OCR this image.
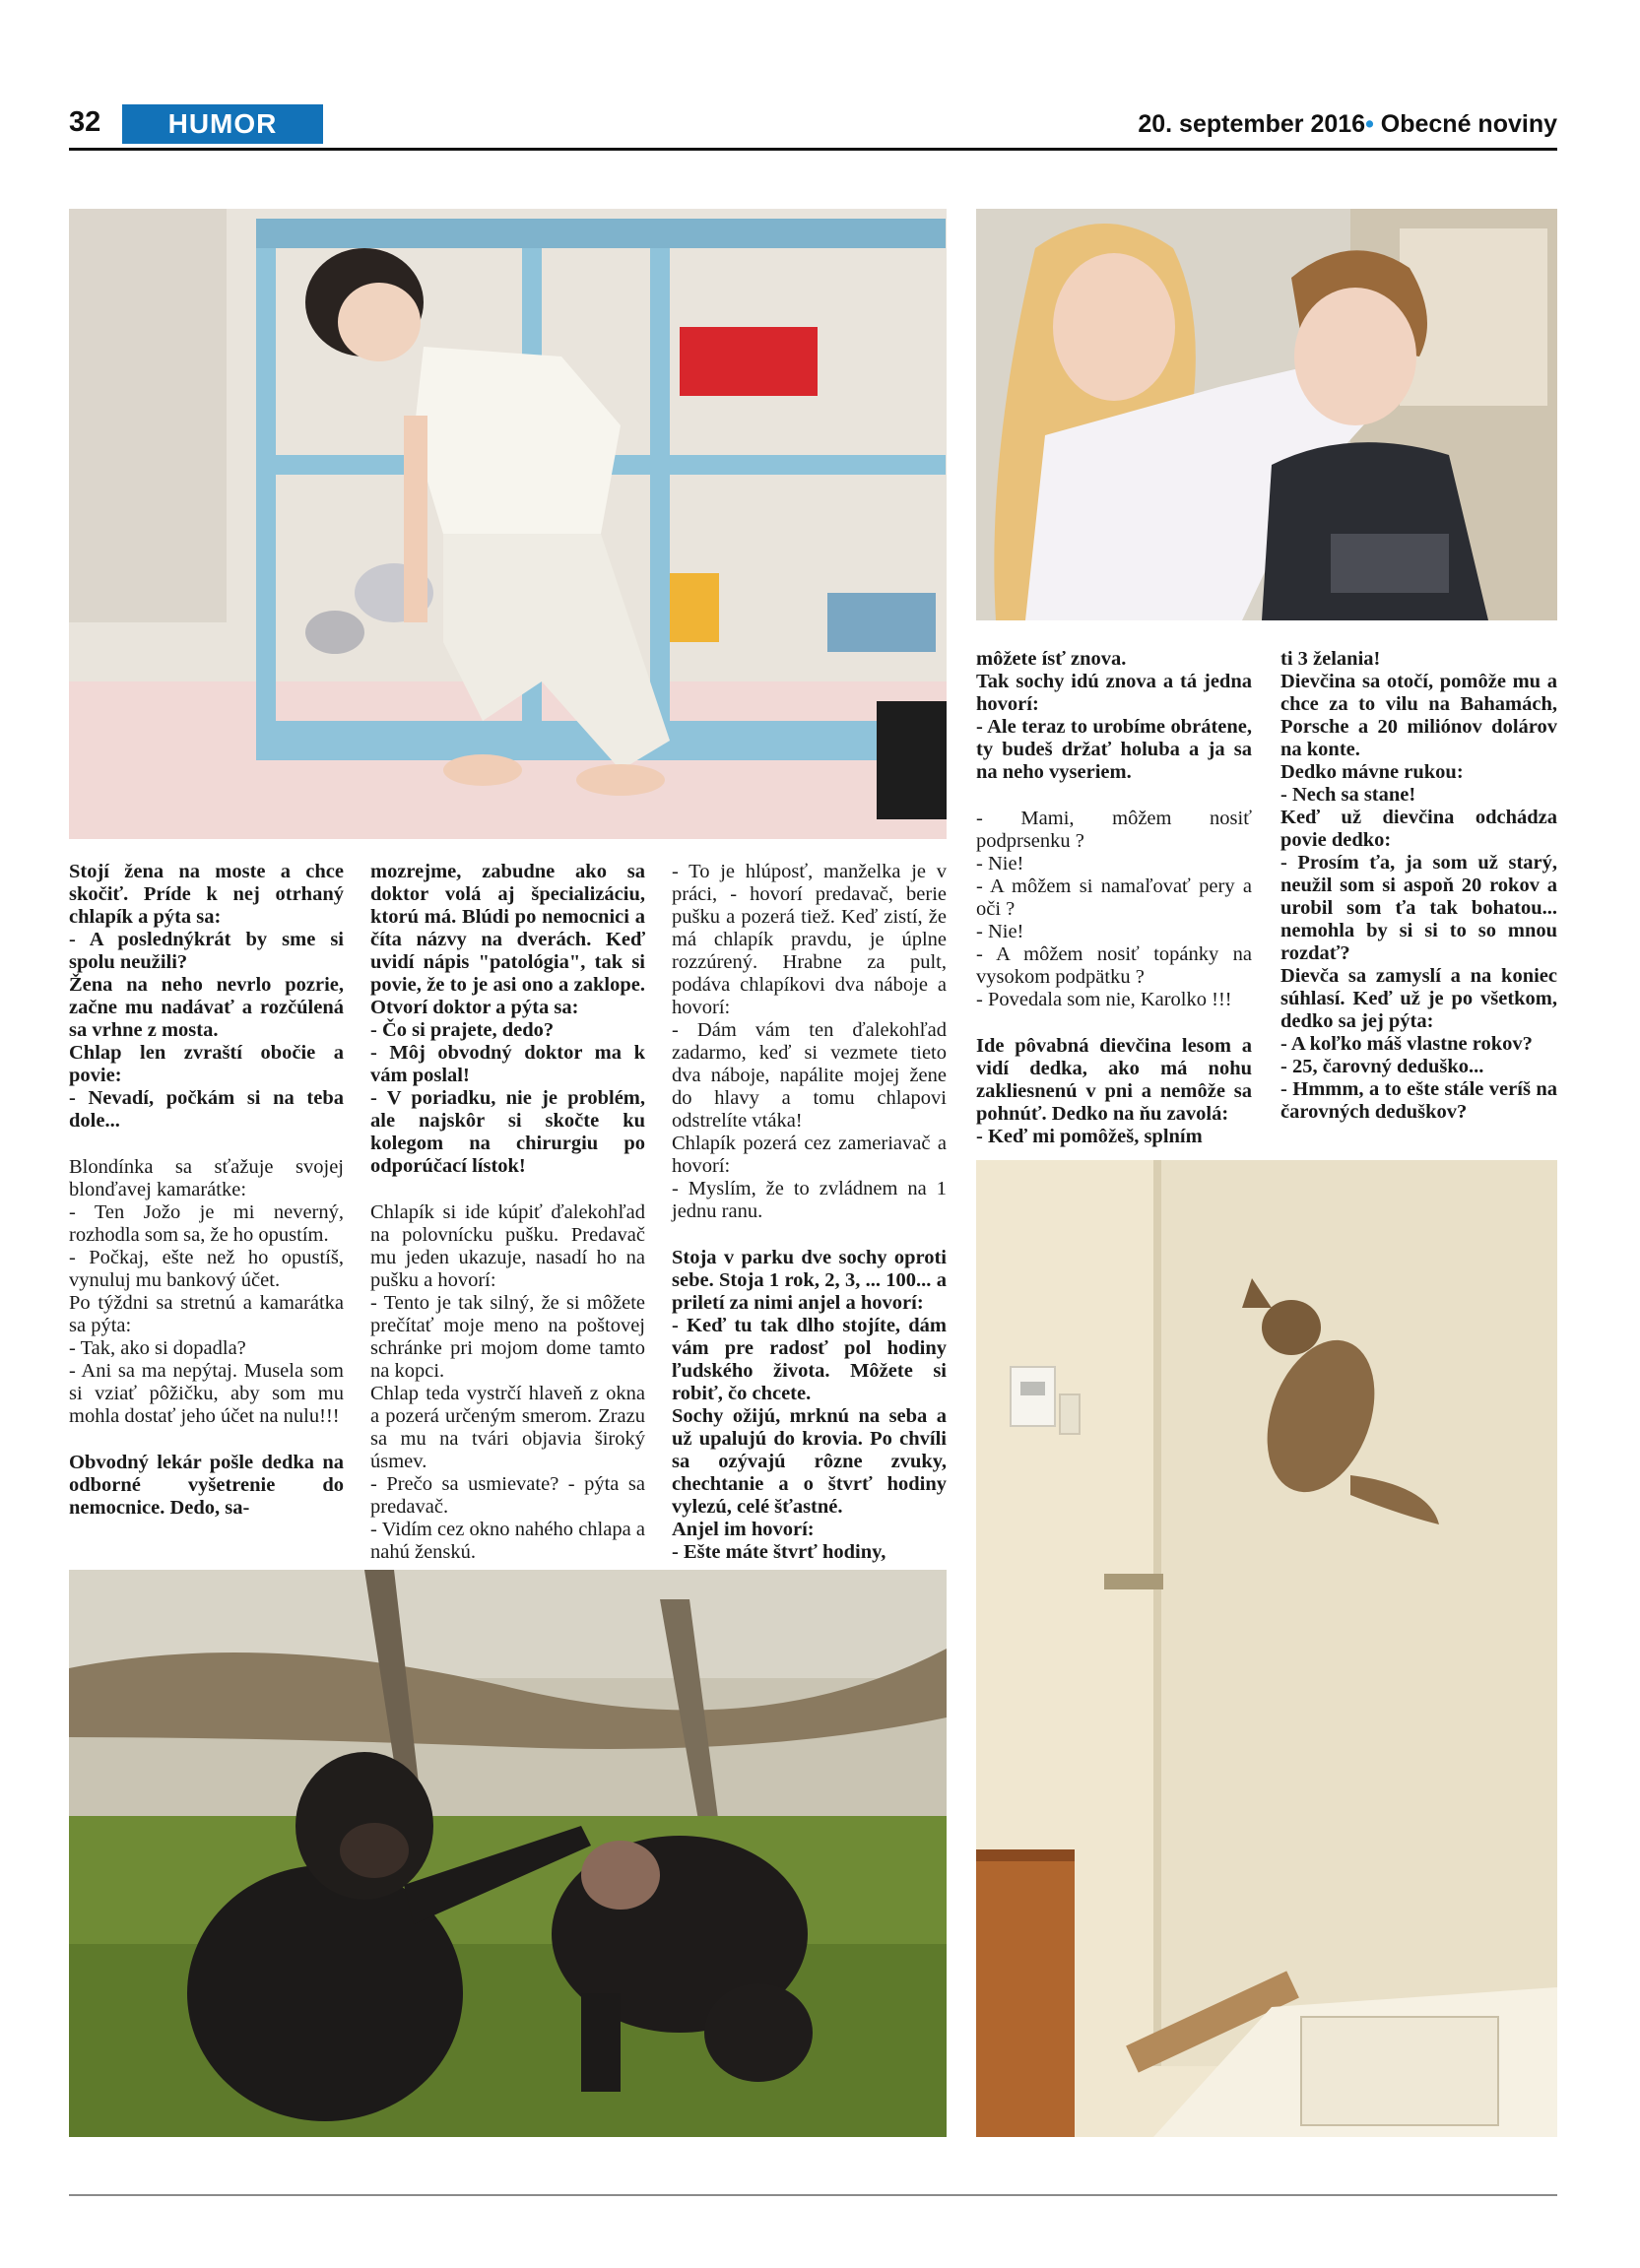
32	HUMOR	20. september 2016• Obecné noviny

Stojí žena na moste a chce skočiť. Príde k nej otrhaný chlapík a pýta sa:
- A poslednýkrát by sme si spolu neužili?
Žena na neho nevrlo pozrie, začne mu nadávať a rozčúlená sa vrhne z mosta.
Chlap len zvraští obočie a povie:
- Nevadí, počkám si na teba dole...

Blondínka sa sťažuje svojej blonďavej kamarátke:
- Ten Jožo je mi neverný, rozhodla som sa, že ho opustím.
- Počkaj, ešte než ho opustíš, vynuluj mu bankový účet.
Po týždni sa stretnú a kamarátka sa pýta:
- Tak, ako si dopadla?
- Ani sa ma nepýtaj. Musela som si vziať pôžičku, aby som mu mohla dostať jeho účet na nulu!!!

Obvodný lekár pošle dedka na odborné vyšetrenie do nemocnice. Dedo, sa-

mozrejme, zabudne ako sa doktor volá aj špecializáciu, ktorú má. Blúdi po nemocnici a číta názvy na dverách. Keď uvidí nápis "patológia", tak si povie, že to je asi ono a zaklope. Otvorí doktor a pýta sa:
- Čo si prajete, dedo?
- Môj obvodný doktor ma k vám poslal!
- V poriadku, nie je problém, ale najskôr si skočte ku kolegom na chirurgiu po odporúčací lístok!

Chlapík si ide kúpiť ďalekohľad na polovnícku pušku. Predavač mu jeden ukazuje, nasadí ho na pušku a hovorí:
- Tento je tak silný, že si môžete prečítať moje meno na poštovej schránke pri mojom dome tamto na kopci.
Chlap teda vystrčí hlaveň z okna a pozerá určeným smerom. Zrazu sa mu na tvári objavia široký úsmev.
- Prečo sa usmievate? - pýta sa predavač.
- Vidím cez okno nahého chlapa a nahú ženskú.

- To je hlúposť, manželka je v práci, - hovorí predavač, berie pušku a pozerá tiež. Keď zistí, že má chlapík pravdu, je úplne rozzúrený. Hrabne za pult, podáva chlapíkovi dva náboje a hovorí:
- Dám vám ten ďalekohľad zadarmo, keď si vezmete tieto dva náboje, napálite mojej žene do hlavy a tomu chlapovi odstrelíte vtáka!
Chlapík pozerá cez zameriavač a hovorí:
- Myslím, že to zvládnem na 1 jednu ranu.

Stoja v parku dve sochy oproti sebe. Stoja 1 rok, 2, 3, ... 100... a priletí za nimi anjel a hovorí:
- Keď tu tak dlho stojíte, dám vám pre radosť pol hodiny ľudského života. Môžete si robiť, čo chcete.
Sochy ožijú, mrknú na seba a už upalujú do krovia. Po chvíli sa ozývajú rôzne zvuky, chechtanie a o štvrť hodiny vylezú, celé šťastné.
Anjel im hovorí:
- Ešte máte štvrť hodiny,

môžete ísť znova.
Tak sochy idú znova a tá jedna hovorí:
- Ale teraz to urobíme obrátene, ty budeš držať holuba a ja sa na neho vyseriem.

- Mami, môžem nosiť podprsenku ?
- Nie!
- A môžem si namaľovať pery a oči ?
- Nie!
- A môžem nosiť topánky na vysokom podpätku ?
- Povedala som nie, Karolko !!!

Ide pôvabná dievčina lesom a vidí dedka, ako má nohu zakliesnenú v pni a nemôže sa pohnúť. Dedko na ňu zavolá:
- Keď mi pomôžeš, splním

ti 3 želania!
Dievčina sa otočí, pomôže mu a chce za to vilu na Bahamách, Porsche a 20 miliónov dolárov na konte.
Dedko mávne rukou:
- Nech sa stane!
Keď už dievčina odchádza povie dedko:
- Prosím ťa, ja som už starý, neužil som si aspoň 20 rokov a urobil som ťa tak bohatou... nemohla by si si to so mnou rozdať?
Dievča sa zamyslí a na koniec súhlasí. Keď už je po všetkom, dedko sa jej pýta:
- A koľko máš vlastne rokov?
- 25, čarovný deduško...
- Hmmm, a to ešte stále veríš na čarovných deduškov?
